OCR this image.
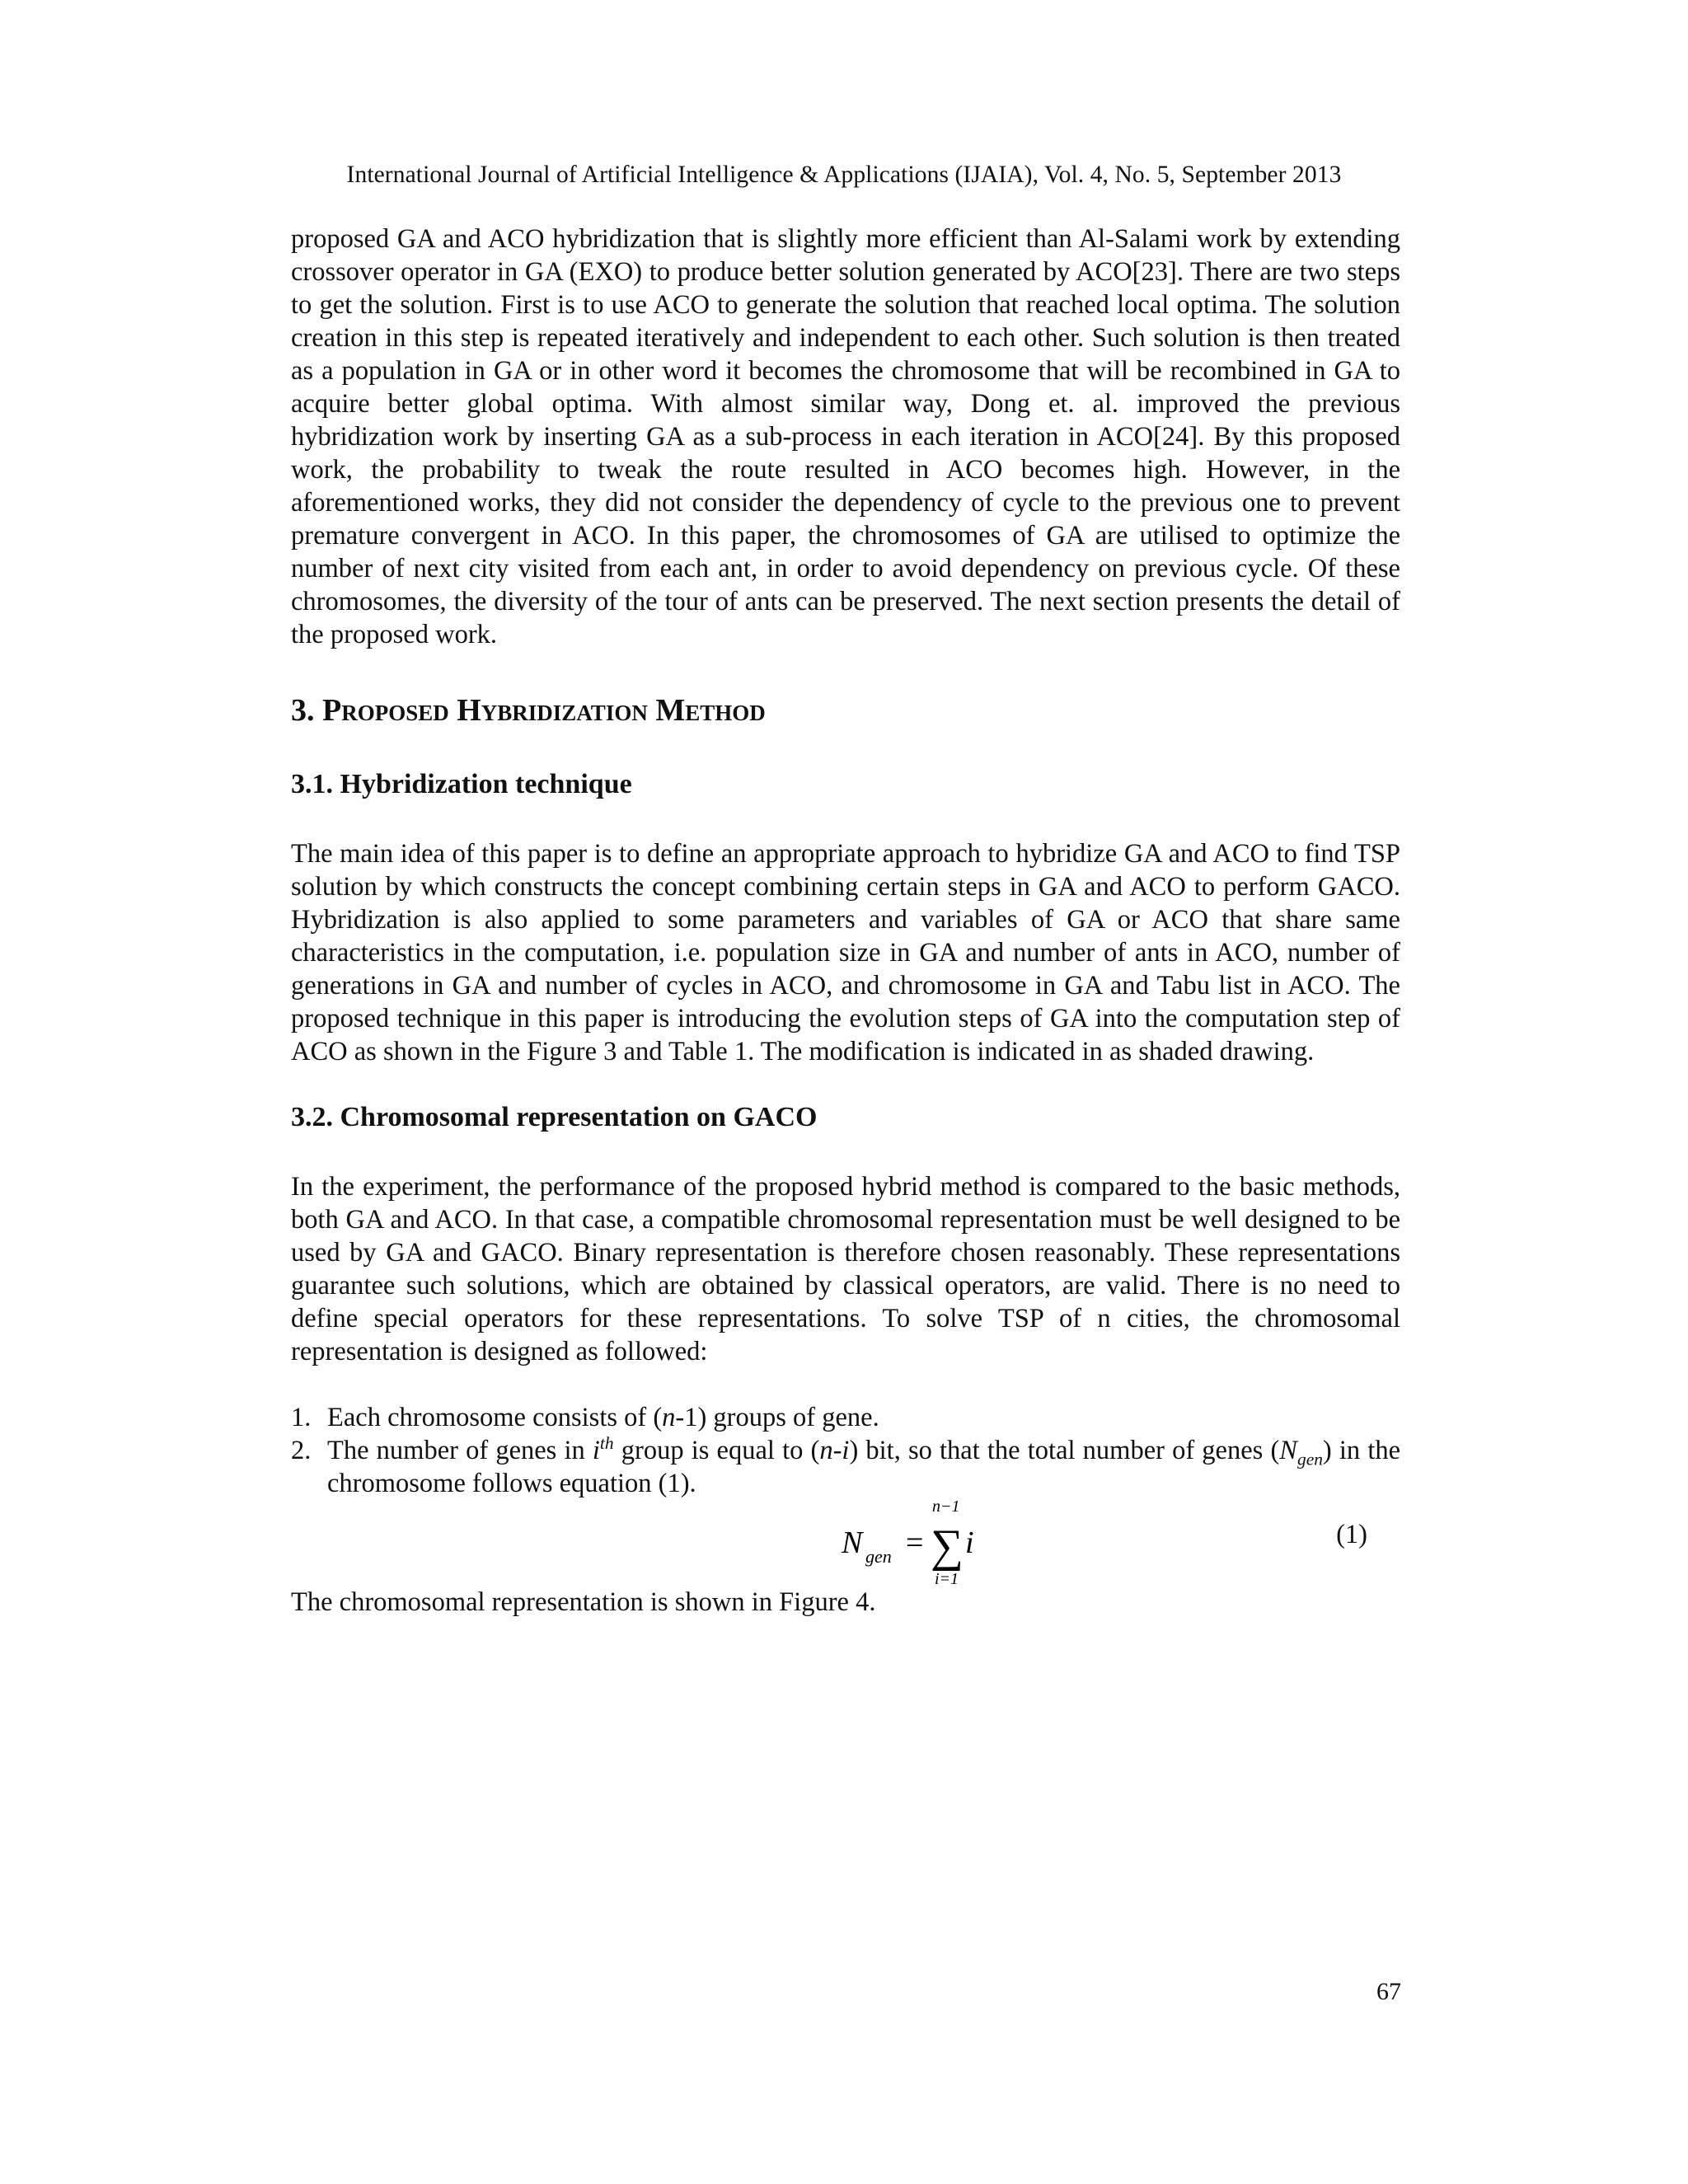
International Journal of Artificial Intelligence & Applications (IJAIA), Vol. 4, No. 5, September 2013

proposed GA and ACO hybridization that is slightly more efficient than Al-Salami work by extending crossover operator in GA (EXO) to produce better solution generated by ACO[23]. There are two steps to get the solution. First is to use ACO to generate the solution that reached local optima. The solution creation in this step is repeated iteratively and independent to each other. Such solution is then treated as a population in GA or in other word it becomes the chromosome that will be recombined in GA to acquire better global optima. With almost similar way, Dong et. al. improved the previous hybridization work by inserting GA as a sub-process in each iteration in ACO[24]. By this proposed work, the probability to tweak the route resulted in ACO becomes high. However, in the aforementioned works, they did not consider the dependency of cycle to the previous one to prevent premature convergent in ACO. In this paper, the chromosomes of GA are utilised to optimize the number of next city visited from each ant, in order to avoid dependency on previous cycle. Of these chromosomes, the diversity of the tour of ants can be preserved. The next section presents the detail of the proposed work.

3. Proposed Hybridization Method
3.1. Hybridization technique

The main idea of this paper is to define an appropriate approach to hybridize GA and ACO to find TSP solution by which constructs the concept combining certain steps in GA and ACO to perform GACO. Hybridization is also applied to some parameters and variables of GA or ACO that share same characteristics in the computation, i.e. population size in GA and number of ants in ACO, number of generations in GA and number of cycles in ACO, and chromosome in GA and Tabu list in ACO. The proposed technique in this paper is introducing the evolution steps of GA into the computation step of ACO as shown in the Figure 3 and Table 1. The modification is indicated in as shaded drawing.

3.2. Chromosomal representation on GACO

In the experiment, the performance of the proposed hybrid method is compared to the basic methods, both GA and ACO. In that case, a compatible chromosomal representation must be well designed to be used by GA and GACO. Binary representation is therefore chosen reasonably. These representations guarantee such solutions, which are obtained by classical operators, are valid. There is no need to define special operators for these representations. To solve TSP of n cities, the chromosomal representation is designed as followed:

1. Each chromosome consists of (n-1) groups of gene.
2. The number of genes in $i^{th}$ group is equal to (n-i) bit, so that the total number of genes $(N_{gen})$ in the chromosome follows equation (1).
N gen =
n−1
∑
i=1
i	(1)

The chromosomal representation is shown in Figure 4.

67
